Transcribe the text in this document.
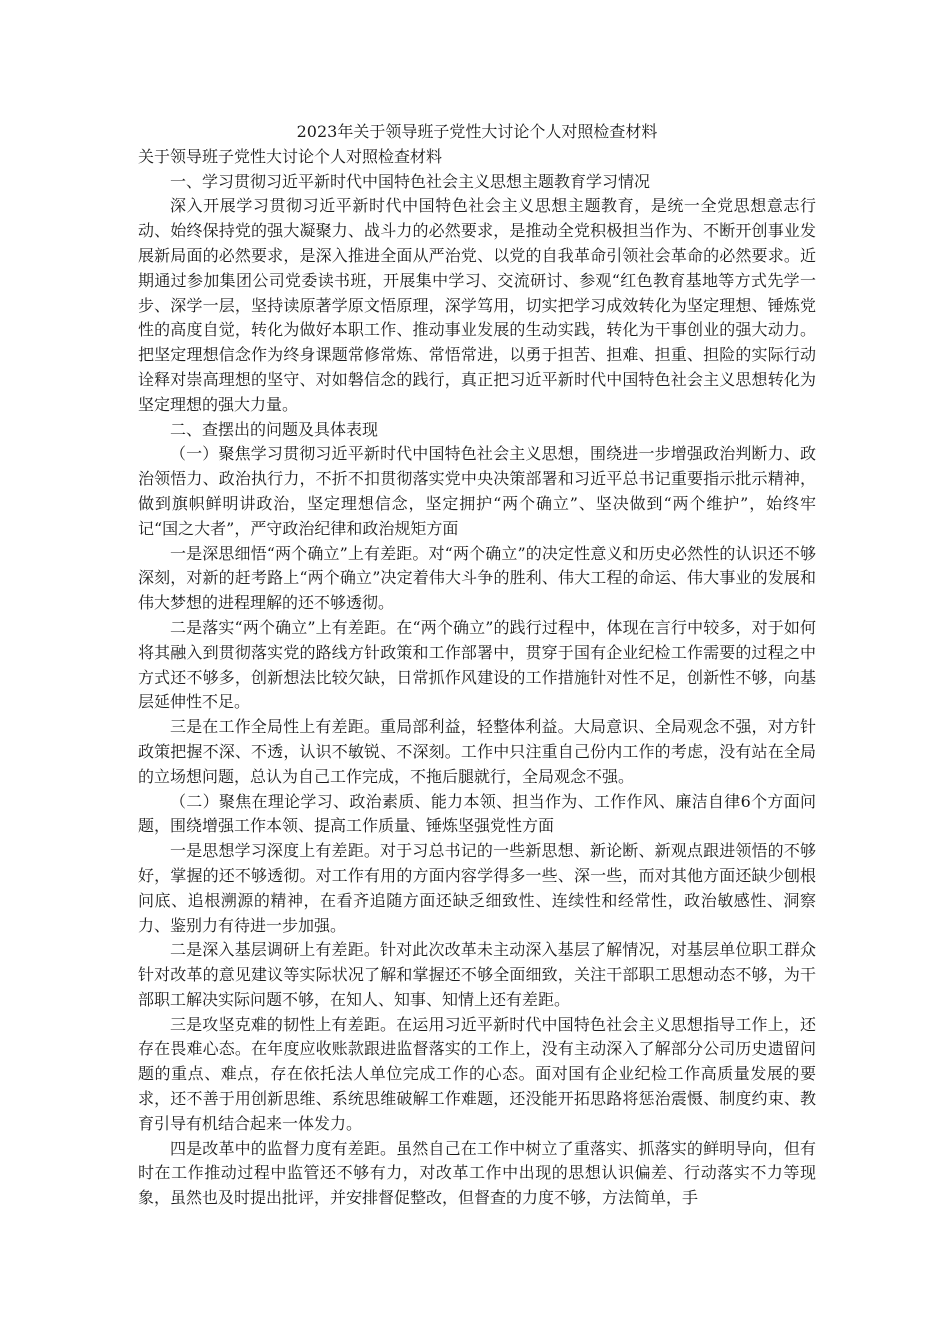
2023年关于领导班子党性大讨论个人对照检查材料

关于领导班子党性大讨论个人对照检查材料

一、学习贯彻习近平新时代中国特色社会主义思想主题教育学习情况

深入开展学习贯彻习近平新时代中国特色社会主义思想主题教育，是统一全党思想意志行动、始终保持党的强大凝聚力、战斗力的必然要求，是推动全党积极担当作为、不断开创事业发展新局面的必然要求，是深入推进全面从严治党、以党的自我革命引领社会革命的必然要求。近期通过参加集团公司党委读书班，开展集中学习、交流研讨、参观“红色教育基地等方式先学一步、深学一层，坚持读原著学原文悟原理，深学笃用，切实把学习成效转化为坚定理想、锤炼党性的高度自觉，转化为做好本职工作、推动事业发展的生动实践，转化为干事创业的强大动力。把坚定理想信念作为终身课题常修常炼、常悟常进，以勇于担苦、担难、担重、担险的实际行动诠释对崇高理想的坚守、对如磐信念的践行，真正把习近平新时代中国特色社会主义思想转化为坚定理想的强大力量。

二、查摆出的问题及具体表现

（一）聚焦学习贯彻习近平新时代中国特色社会主义思想，围绕进一步增强政治判断力、政治领悟力、政治执行力，不折不扣贯彻落实党中央决策部署和习近平总书记重要指示批示精神，做到旗帜鲜明讲政治，坚定理想信念，坚定拥护“两个确立”、坚决做到“两个维护”，始终牢记“国之大者”，严守政治纪律和政治规矩方面

一是深思细悟“两个确立”上有差距。对“两个确立”的决定性意义和历史必然性的认识还不够深刻，对新的赶考路上“两个确立”决定着伟大斗争的胜利、伟大工程的命运、伟大事业的发展和伟大梦想的进程理解的还不够透彻。

二是落实“两个确立”上有差距。在“两个确立”的践行过程中，体现在言行中较多，对于如何将其融入到贯彻落实党的路线方针政策和工作部署中，贯穿于国有企业纪检工作需要的过程之中方式还不够多，创新想法比较欠缺，日常抓作风建设的工作措施针对性不足，创新性不够，向基层延伸性不足。

三是在工作全局性上有差距。重局部利益，轻整体利益。大局意识、全局观念不强，对方针政策把握不深、不透，认识不敏锐、不深刻。工作中只注重自己份内工作的考虑，没有站在全局的立场想问题，总认为自己工作完成，不拖后腿就行，全局观念不强。

（二）聚焦在理论学习、政治素质、能力本领、担当作为、工作作风、廉洁自律6个方面问题，围绕增强工作本领、提高工作质量、锤炼坚强党性方面

一是思想学习深度上有差距。对于习总书记的一些新思想、新论断、新观点跟进领悟的不够好，掌握的还不够透彻。对工作有用的方面内容学得多一些、深一些，而对其他方面还缺少刨根问底、追根溯源的精神，在看齐追随方面还缺乏细致性、连续性和经常性，政治敏感性、洞察力、鉴别力有待进一步加强。

二是深入基层调研上有差距。针对此次改革未主动深入基层了解情况，对基层单位职工群众针对改革的意见建议等实际状况了解和掌握还不够全面细致，关注干部职工思想动态不够，为干部职工解决实际问题不够，在知人、知事、知情上还有差距。

三是攻坚克难的韧性上有差距。在运用习近平新时代中国特色社会主义思想指导工作上，还存在畏难心态。在年度应收账款跟进监督落实的工作上，没有主动深入了解部分公司历史遗留问题的重点、难点，存在依托法人单位完成工作的心态。面对国有企业纪检工作高质量发展的要求，还不善于用创新思维、系统思维破解工作难题，还没能开拓思路将惩治震慑、制度约束、教育引导有机结合起来一体发力。

四是改革中的监督力度有差距。虽然自己在工作中树立了重落实、抓落实的鲜明导向，但有时在工作推动过程中监管还不够有力，对改革工作中出现的思想认识偏差、行动落实不力等现象，虽然也及时提出批评，并安排督促整改，但督查的力度不够，方法简单，手
